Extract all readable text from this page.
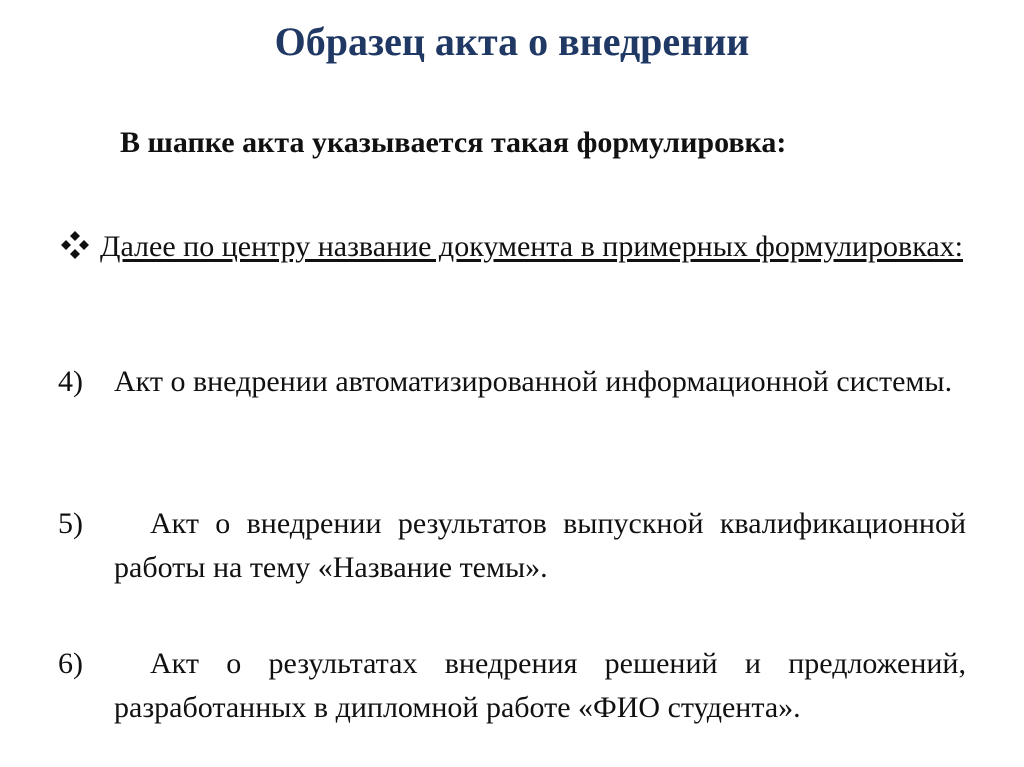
Образец акта о внедрении

В шапке акта указывается такая формулировка:

Далее по центру название документа в примерных формулировках:
4) Акт о внедрении автоматизированной информационной системы.
5)	Акт о внедрении результатов выпускной квалификационной работы на тему «Название темы».
6)	Акт о результатах внедрения решений и предложений, разработанных в дипломной работе «ФИО студента».
